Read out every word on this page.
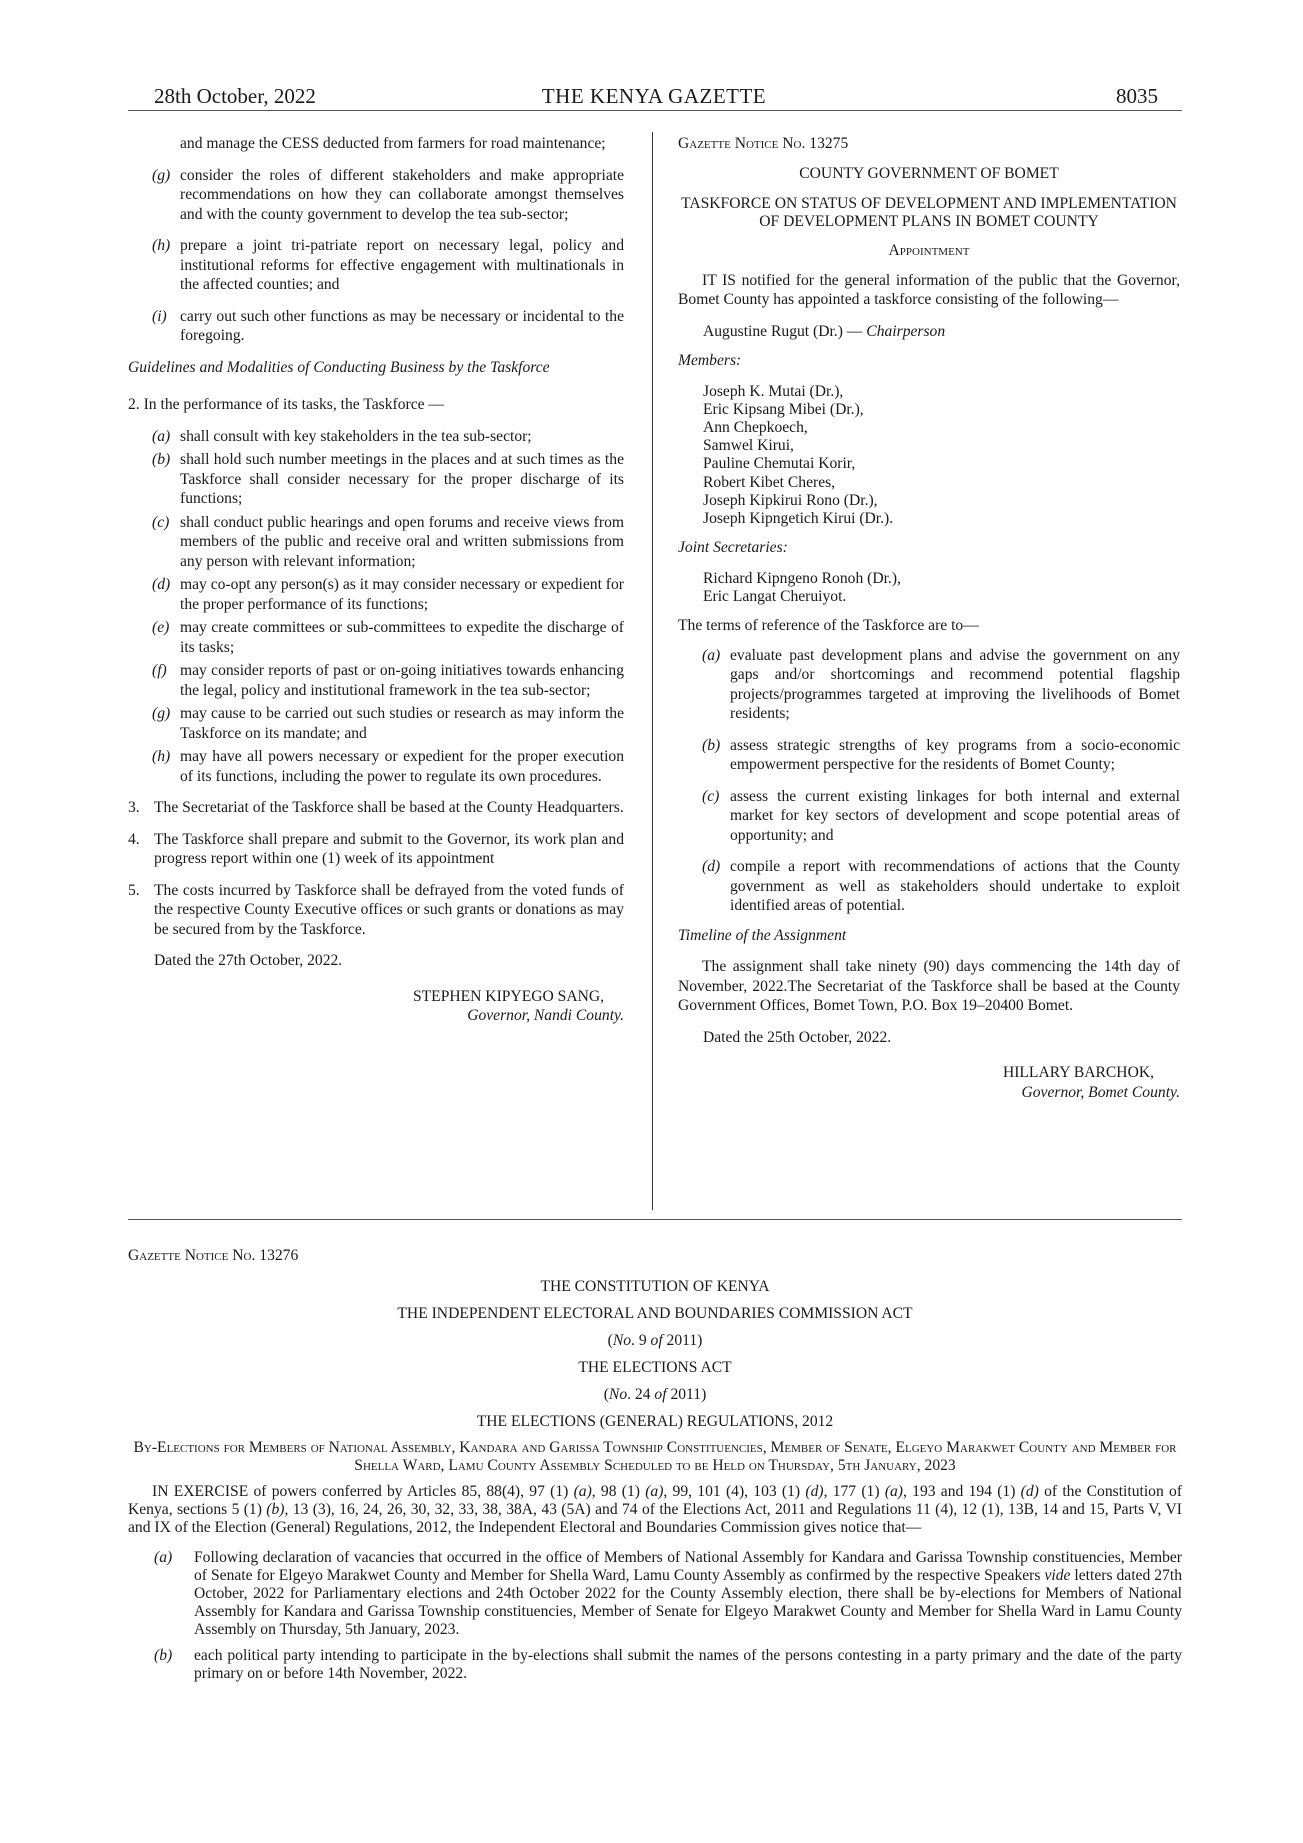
28th October, 2022	THE KENYA GAZETTE	8035

and manage the CESS deducted from farmers for road maintenance;

(g) consider the roles of different stakeholders and make appropriate recommendations on how they can collaborate amongst themselves and with the county government to develop the tea sub-sector;
(h) prepare a joint tri-patriate report on necessary legal, policy and institutional reforms for effective engagement with multinationals in the affected counties; and
(i) carry out such other functions as may be necessary or incidental to the foregoing.

Guidelines and Modalities of Conducting Business by the Taskforce

2. In the performance of its tasks, the Taskforce —

(a) shall consult with key stakeholders in the tea sub-sector;
(b) shall hold such number meetings in the places and at such times as the Taskforce shall consider necessary for the proper discharge of its functions;
(c) shall conduct public hearings and open forums and receive views from members of the public and receive oral and written submissions from any person with relevant information;
(d) may co-opt any person(s) as it may consider necessary or expedient for the proper performance of its functions;
(e) may create committees or sub-committees to expedite the discharge of its tasks;
(f) may consider reports of past or on-going initiatives towards enhancing the legal, policy and institutional framework in the tea sub-sector;
(g) may cause to be carried out such studies or research as may inform the Taskforce on its mandate; and
(h) may have all powers necessary or expedient for the proper execution of its functions, including the power to regulate its own procedures.
3. The Secretariat of the Taskforce shall be based at the County Headquarters.
4. The Taskforce shall prepare and submit to the Governor, its work plan and progress report within one (1) week of its appointment
5. The costs incurred by Taskforce shall be defrayed from the voted funds of the respective County Executive offices or such grants or donations as may be secured from by the Taskforce.

Dated the 27th October, 2022.

STEPHEN KIPYEGO SANG,

Governor, Nandi County.

Gazette Notice No. 13275

COUNTY GOVERNMENT OF BOMET

TASKFORCE ON STATUS OF DEVELOPMENT AND IMPLEMENTATION OF DEVELOPMENT PLANS IN BOMET COUNTY

Appointment

IT IS notified for the general information of the public that the Governor, Bomet County has appointed a taskforce consisting of the following—

Augustine Rugut (Dr.) — Chairperson

Members:

Joseph K. Mutai (Dr.),
Eric Kipsang Mibei (Dr.),
Ann Chepkoech,
Samwel Kirui,
Pauline Chemutai Korir,
Robert Kibet Cheres,
Joseph Kipkirui Rono (Dr.),
Joseph Kipngetich Kirui (Dr.).

Joint Secretaries:

Richard Kipngeno Ronoh (Dr.),
Eric Langat Cheruiyot.

The terms of reference of the Taskforce are to—

(a) evaluate past development plans and advise the government on any gaps and/or shortcomings and recommend potential flagship projects/programmes targeted at improving the livelihoods of Bomet residents;
(b) assess strategic strengths of key programs from a socio-economic empowerment perspective for the residents of Bomet County;
(c) assess the current existing linkages for both internal and external market for key sectors of development and scope potential areas of opportunity; and
(d) compile a report with recommendations of actions that the County government as well as stakeholders should undertake to exploit identified areas of potential.

Timeline of the Assignment

The assignment shall take ninety (90) days commencing the 14th day of November, 2022.The Secretariat of the Taskforce shall be based at the County Government Offices, Bomet Town, P.O. Box 19–20400 Bomet.

Dated the 25th October, 2022.

HILLARY BARCHOK,

Governor, Bomet County.

Gazette Notice No. 13276

THE CONSTITUTION OF KENYA

THE INDEPENDENT ELECTORAL AND BOUNDARIES COMMISSION ACT

(No. 9 of 2011)

THE ELECTIONS ACT

(No. 24 of 2011)

THE ELECTIONS (GENERAL) REGULATIONS, 2012

By-Elections for Members of National Assembly, Kandara and Garissa Township Constituencies, Member of Senate, Elgeyo Marakwet County and Member for Shella Ward, Lamu County Assembly Scheduled to be Held on Thursday, 5th January, 2023

IN EXERCISE of powers conferred by Articles 85, 88(4), 97 (1) (a), 98 (1) (a), 99, 101 (4), 103 (1) (d), 177 (1) (a), 193 and 194 (1) (d) of the Constitution of Kenya, sections 5 (1) (b), 13 (3), 16, 24, 26, 30, 32, 33, 38, 38A, 43 (5A) and 74 of the Elections Act, 2011 and Regulations 11 (4), 12 (1), 13B, 14 and 15, Parts V, VI and IX of the Election (General) Regulations, 2012, the Independent Electoral and Boundaries Commission gives notice that—

(a) Following declaration of vacancies that occurred in the office of Members of National Assembly for Kandara and Garissa Township constituencies, Member of Senate for Elgeyo Marakwet County and Member for Shella Ward, Lamu County Assembly as confirmed by the respective Speakers vide letters dated 27th October, 2022 for Parliamentary elections and 24th October 2022 for the County Assembly election, there shall be by-elections for Members of National Assembly for Kandara and Garissa Township constituencies, Member of Senate for Elgeyo Marakwet County and Member for Shella Ward in Lamu County Assembly on Thursday, 5th January, 2023.
(b) each political party intending to participate in the by-elections shall submit the names of the persons contesting in a party primary and the date of the party primary on or before 14th November, 2022.
